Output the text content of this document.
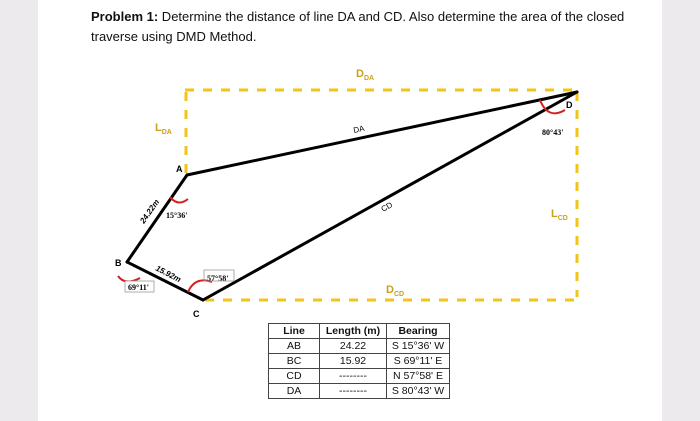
Problem 1: Determine the distance of line DA and CD. Also determine the area of the closed traverse using DMD Method.
A
B
C
D
DA
CD
$L_{DA}$
$D_{DA}$
$L_{CD}$
$D_{CD}$
24.22m
15.92m
15°36'
57°58'
80°43'
69°11'
Line	Length (m)	Bearing
AB	24.22	S 15°36' W
BC	15.92	S 69°11' E
CD	--------	N 57°58' E
DA	--------	S 80°43' W
